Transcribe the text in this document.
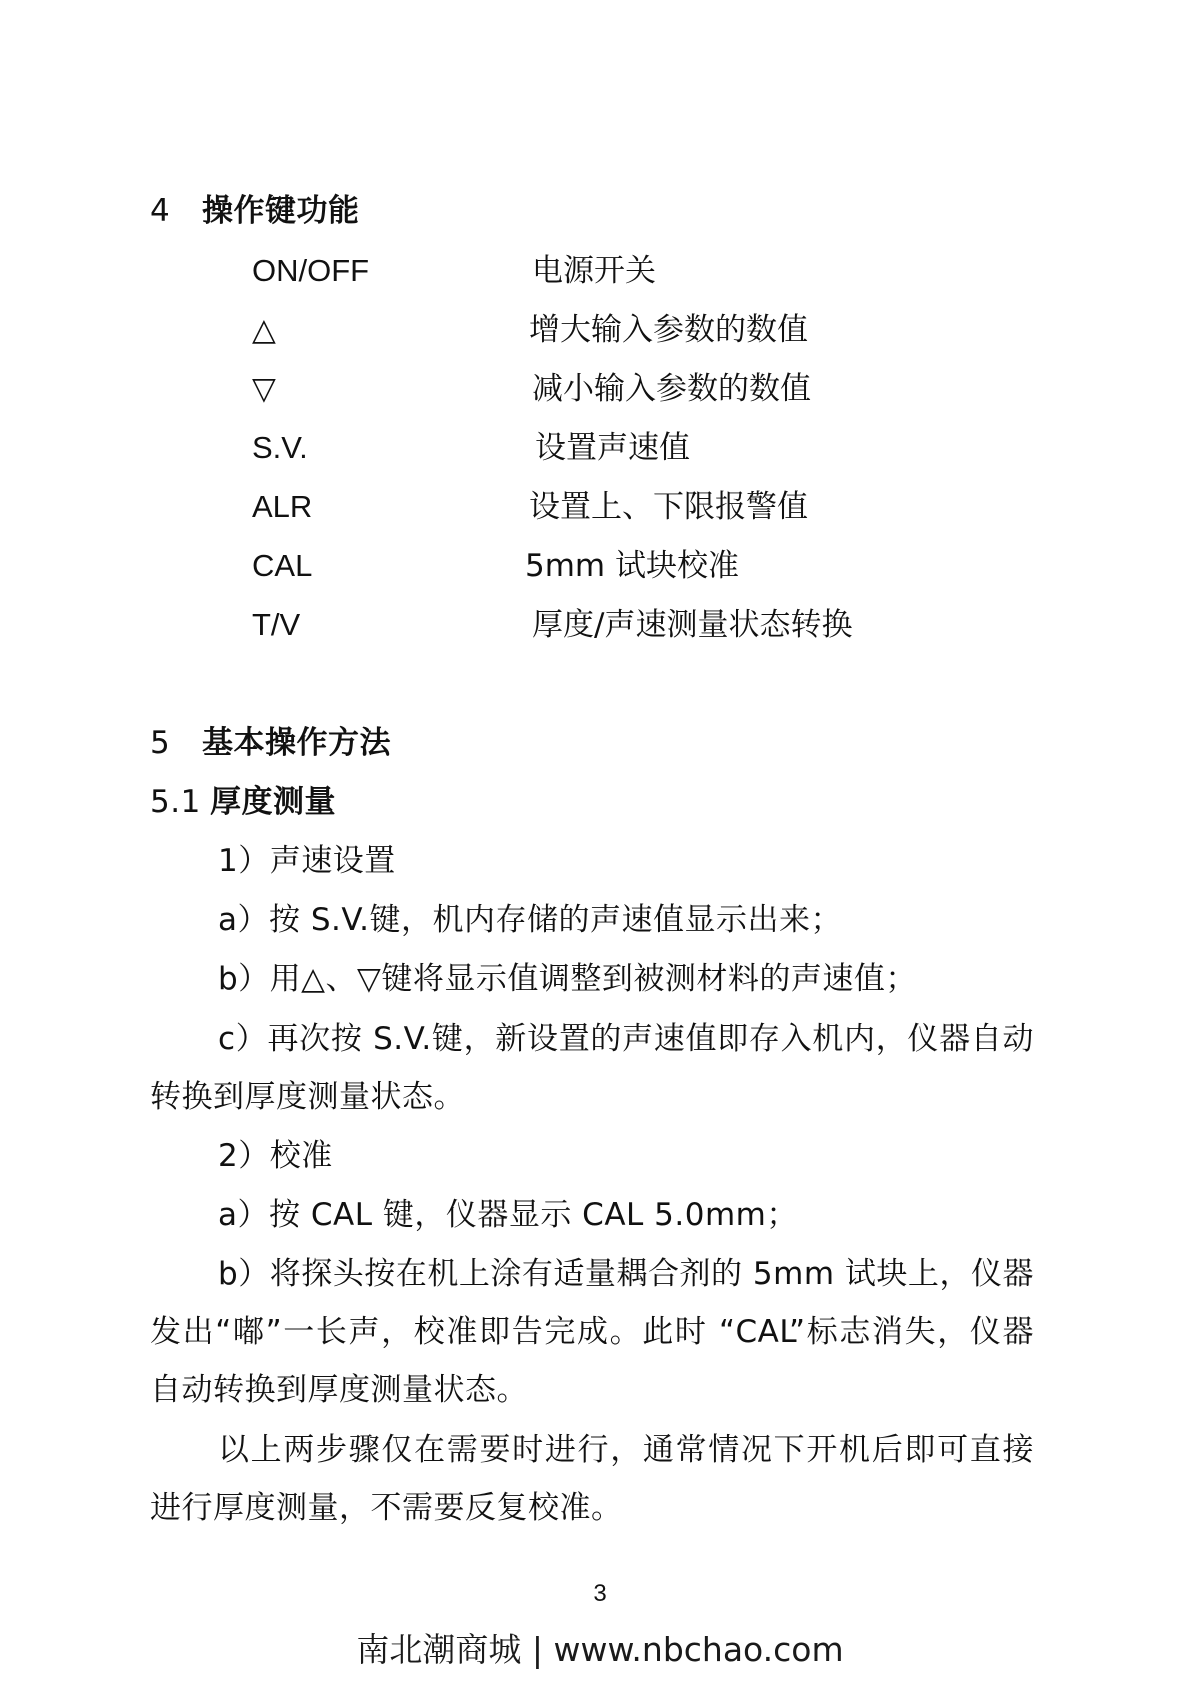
4 操作键功能
ON/OFF	电源开关
△	增大输入参数的数值
▽	减小输入参数的数值
S.V.	设置声速值
ALR	设置上、下限报警值
CAL	5mm 试块校准
T/V	厚度/声速测量状态转换
5 基本操作方法
5.1 厚度测量
1）声速设置
a）按 S.V.键，机内存储的声速值显示出来；
b）用△、▽键将显示值调整到被测材料的声速值；
c）再次按 S.V.键，新设置的声速值即存入机内，仪器自动转换到厚度测量状态。
2）校准
a）按 CAL 键，仪器显示 CAL 5.0mm；
b）将探头按在机上涂有适量耦合剂的 5mm 试块上，仪器发出“嘟”一长声，校准即告完成。此时 “CAL”标志消失，仪器自动转换到厚度测量状态。
以上两步骤仅在需要时进行，通常情况下开机后即可直接进行厚度测量，不需要反复校准。
3
南北潮商城 | www.nbchao.com
